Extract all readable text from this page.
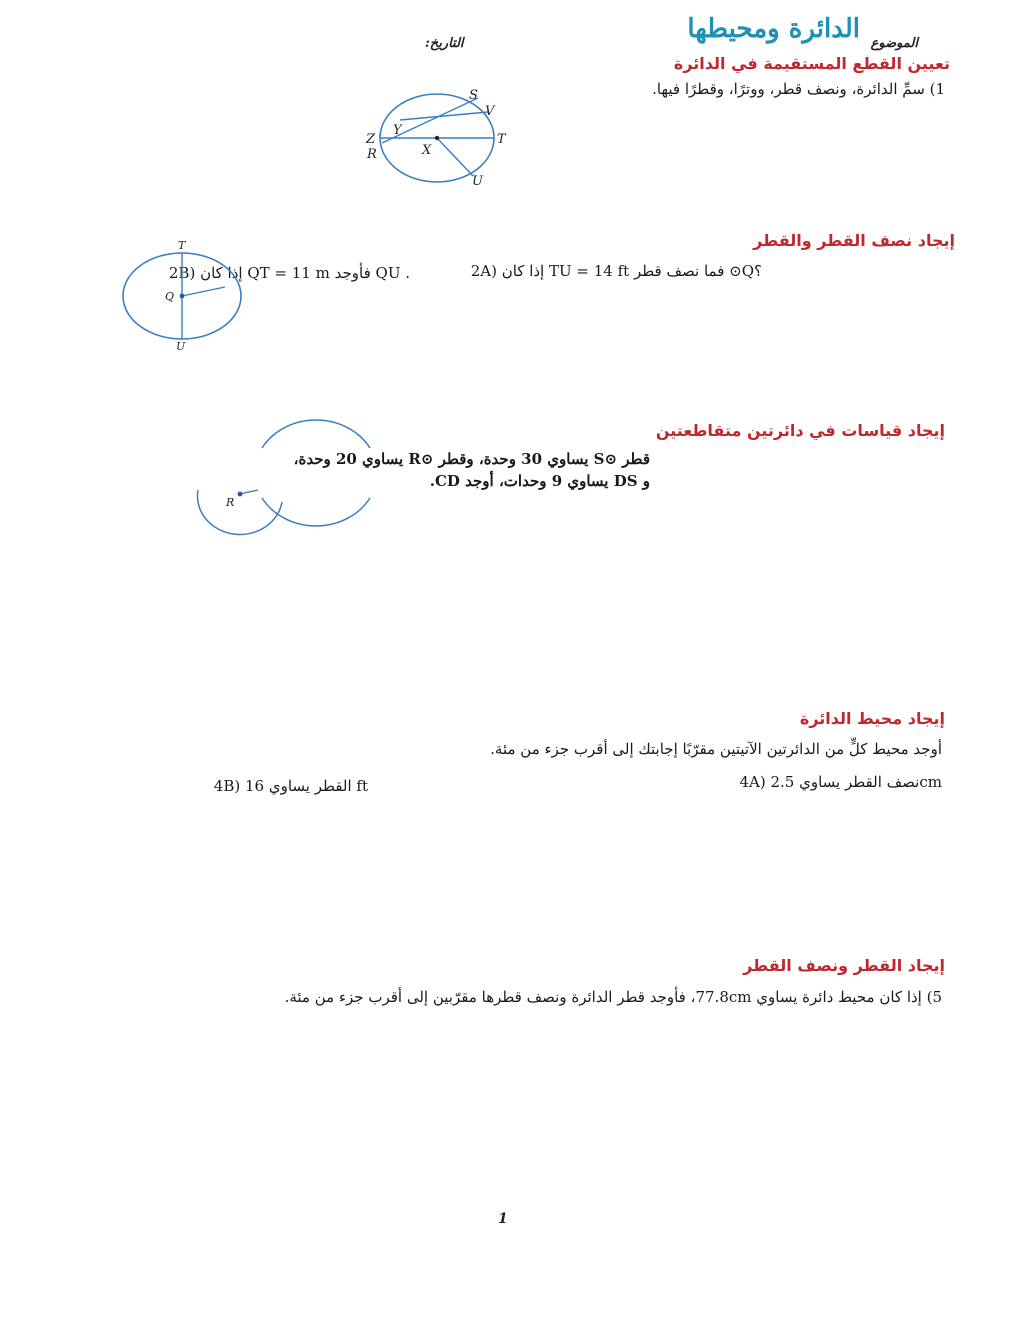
الدائرة ومحيطها الموضوع
التاريخ:
تعيين القطع المستقيمة في الدائرة
1) سمِّ الدائرة، ونصف قطر، ووترًا، وقطرًا فيها.
S
V
T
U
X
Y
Z
R
إيجاد نصف القطر والقطر
2A) إذا كان TU = 14 ft فما نصف قطر ⊙Q؟
2B) إذا كان QT = 11 m فأوجد QU .
T
Q
U
إيجاد قياسات في دائرتين متقاطعتين
قطر ⊙S يساوي 30 وحدة، وقطر ⊙R يساوي 20 وحدة،
و DS يساوي 9 وحدات، أوجد CD.
R
إيجاد محيط الدائرة
أوجد محيط كلٍّ من الدائرتين الآتيتين مقرّبًا إجابتك إلى أقرب جزء من مئة.
4A) نصف القطر يساوي 2.5cm
4B) القطر يساوي 16 ft
إيجاد القطر ونصف القطر
5) إذا كان محيط دائرة يساوي 77.8cm، فأوجد قطر الدائرة ونصف قطرها مقرّبين إلى أقرب جزء من مئة.
1
